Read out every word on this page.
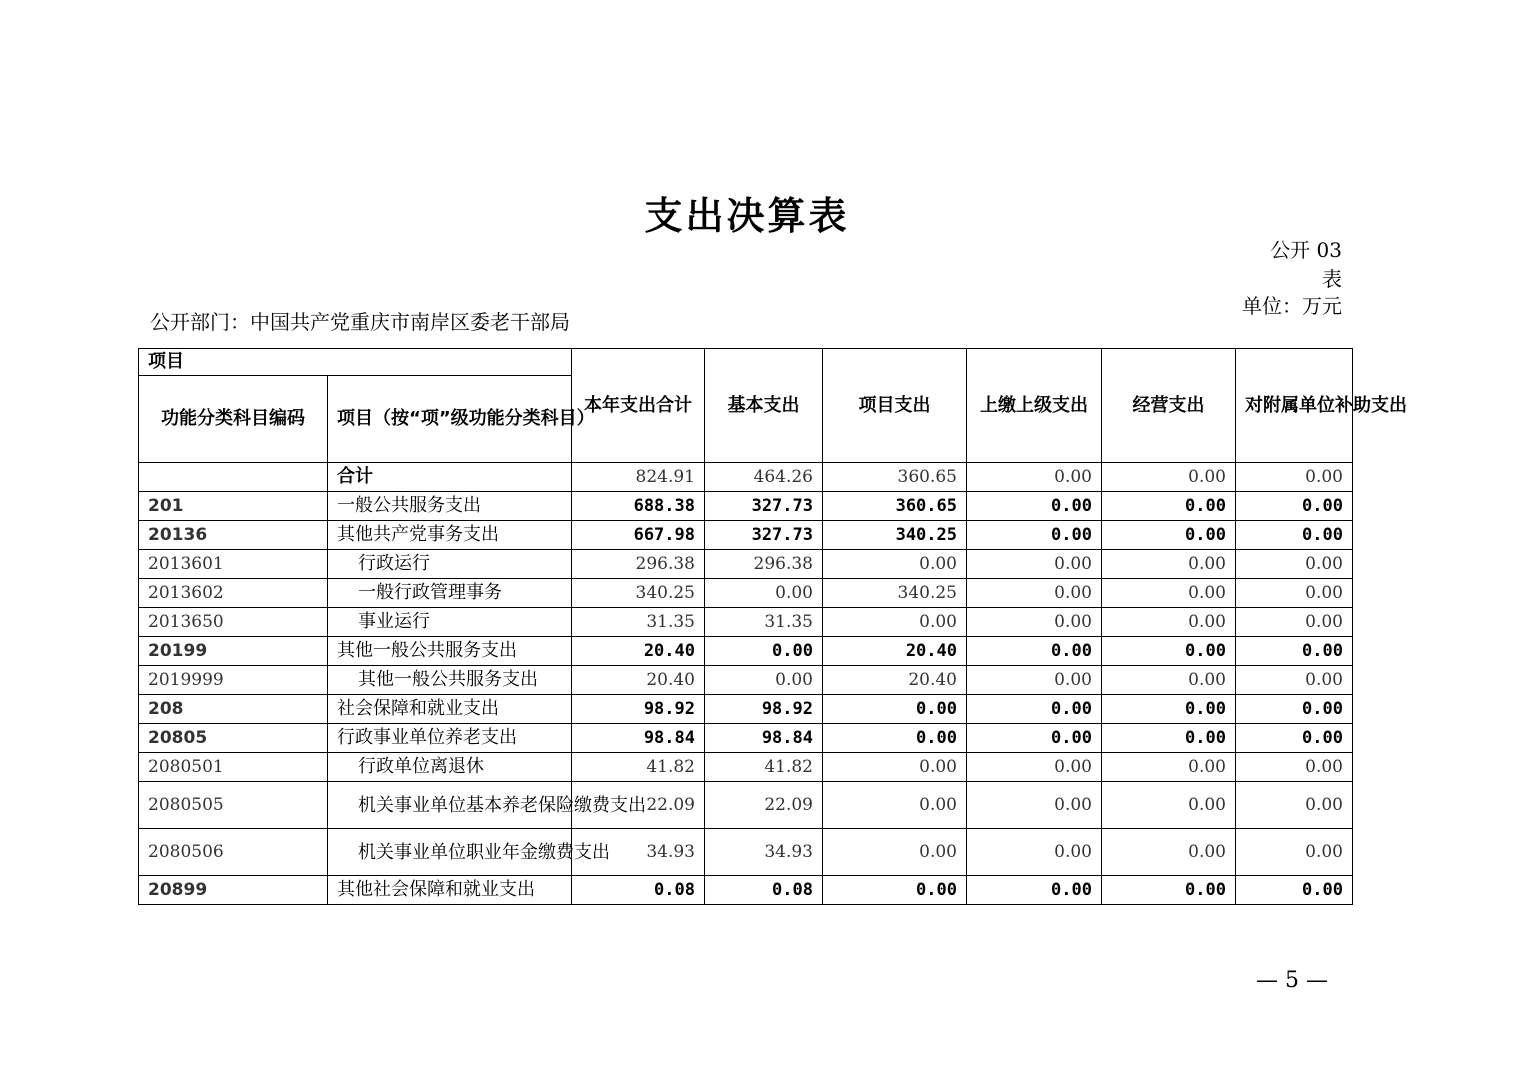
支出决算表
公开 03 表
公开部门：中国共产党重庆市南岸区委老干部局
单位：万元
项目		本年支出合计	基本支出	项目支出	上缴上级支出	经营支出	对附属单位补助支出
功能分类科目编码	项目（按“项”级功能分类科目）						
	合计	824.91	464.26	360.65	0.00	0.00	0.00
201	一般公共服务支出	688.38	327.73	360.65	0.00	0.00	0.00
20136	其他共产党事务支出	667.98	327.73	340.25	0.00	0.00	0.00
2013601	行政运行	296.38	296.38	0.00	0.00	0.00	0.00
2013602	一般行政管理事务	340.25	0.00	340.25	0.00	0.00	0.00
2013650	事业运行	31.35	31.35	0.00	0.00	0.00	0.00
20199	其他一般公共服务支出	20.40	0.00	20.40	0.00	0.00	0.00
2019999	其他一般公共服务支出	20.40	0.00	20.40	0.00	0.00	0.00
208	社会保障和就业支出	98.92	98.92	0.00	0.00	0.00	0.00
20805	行政事业单位养老支出	98.84	98.84	0.00	0.00	0.00	0.00
2080501	行政单位离退休	41.82	41.82	0.00	0.00	0.00	0.00
2080505	机关事业单位基本养老保险缴费支出	22.09	22.09	0.00	0.00	0.00	0.00
2080506	机关事业单位职业年金缴费支出	34.93	34.93	0.00	0.00	0.00	0.00
20899	其他社会保障和就业支出	0.08	0.08	0.00	0.00	0.00	0.00
— 5 —
